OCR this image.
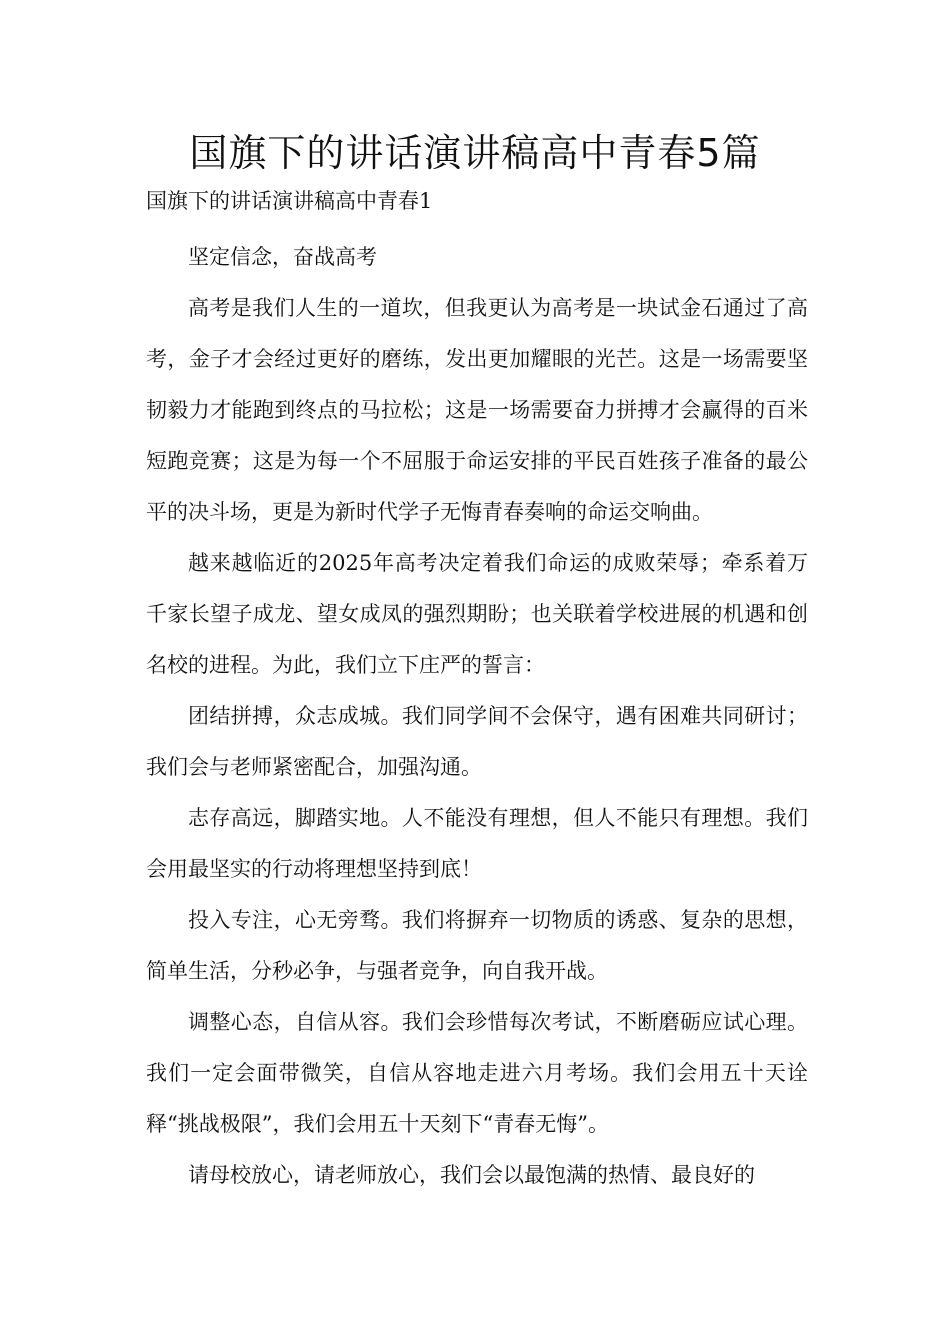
国旗下的讲话演讲稿高中青春5篇

国旗下的讲话演讲稿高中青春1

坚定信念，奋战高考

高考是我们人生的一道坎，但我更认为高考是一块试金石通过了高考，金子才会经过更好的磨练，发出更加耀眼的光芒。这是一场需要坚韧毅力才能跑到终点的马拉松；这是一场需要奋力拼搏才会赢得的百米短跑竞赛；这是为每一个不屈服于命运安排的平民百姓孩子准备的最公平的决斗场，更是为新时代学子无悔青春奏响的命运交响曲。

越来越临近的2025年高考决定着我们命运的成败荣辱；牵系着万千家长望子成龙、望女成凤的强烈期盼；也关联着学校进展的机遇和创名校的进程。为此，我们立下庄严的誓言：

团结拼搏，众志成城。我们同学间不会保守，遇有困难共同研讨；我们会与老师紧密配合，加强沟通。

志存高远，脚踏实地。人不能没有理想，但人不能只有理想。我们会用最坚实的行动将理想坚持到底！

投入专注，心无旁骛。我们将摒弃一切物质的诱惑、复杂的思想，简单生活，分秒必争，与强者竞争，向自我开战。

调整心态，自信从容。我们会珍惜每次考试，不断磨砺应试心理。我们一定会面带微笑，自信从容地走进六月考场。我们会用五十天诠释“挑战极限”，我们会用五十天刻下“青春无悔”。

请母校放心，请老师放心，我们会以最饱满的热情、最良好的
